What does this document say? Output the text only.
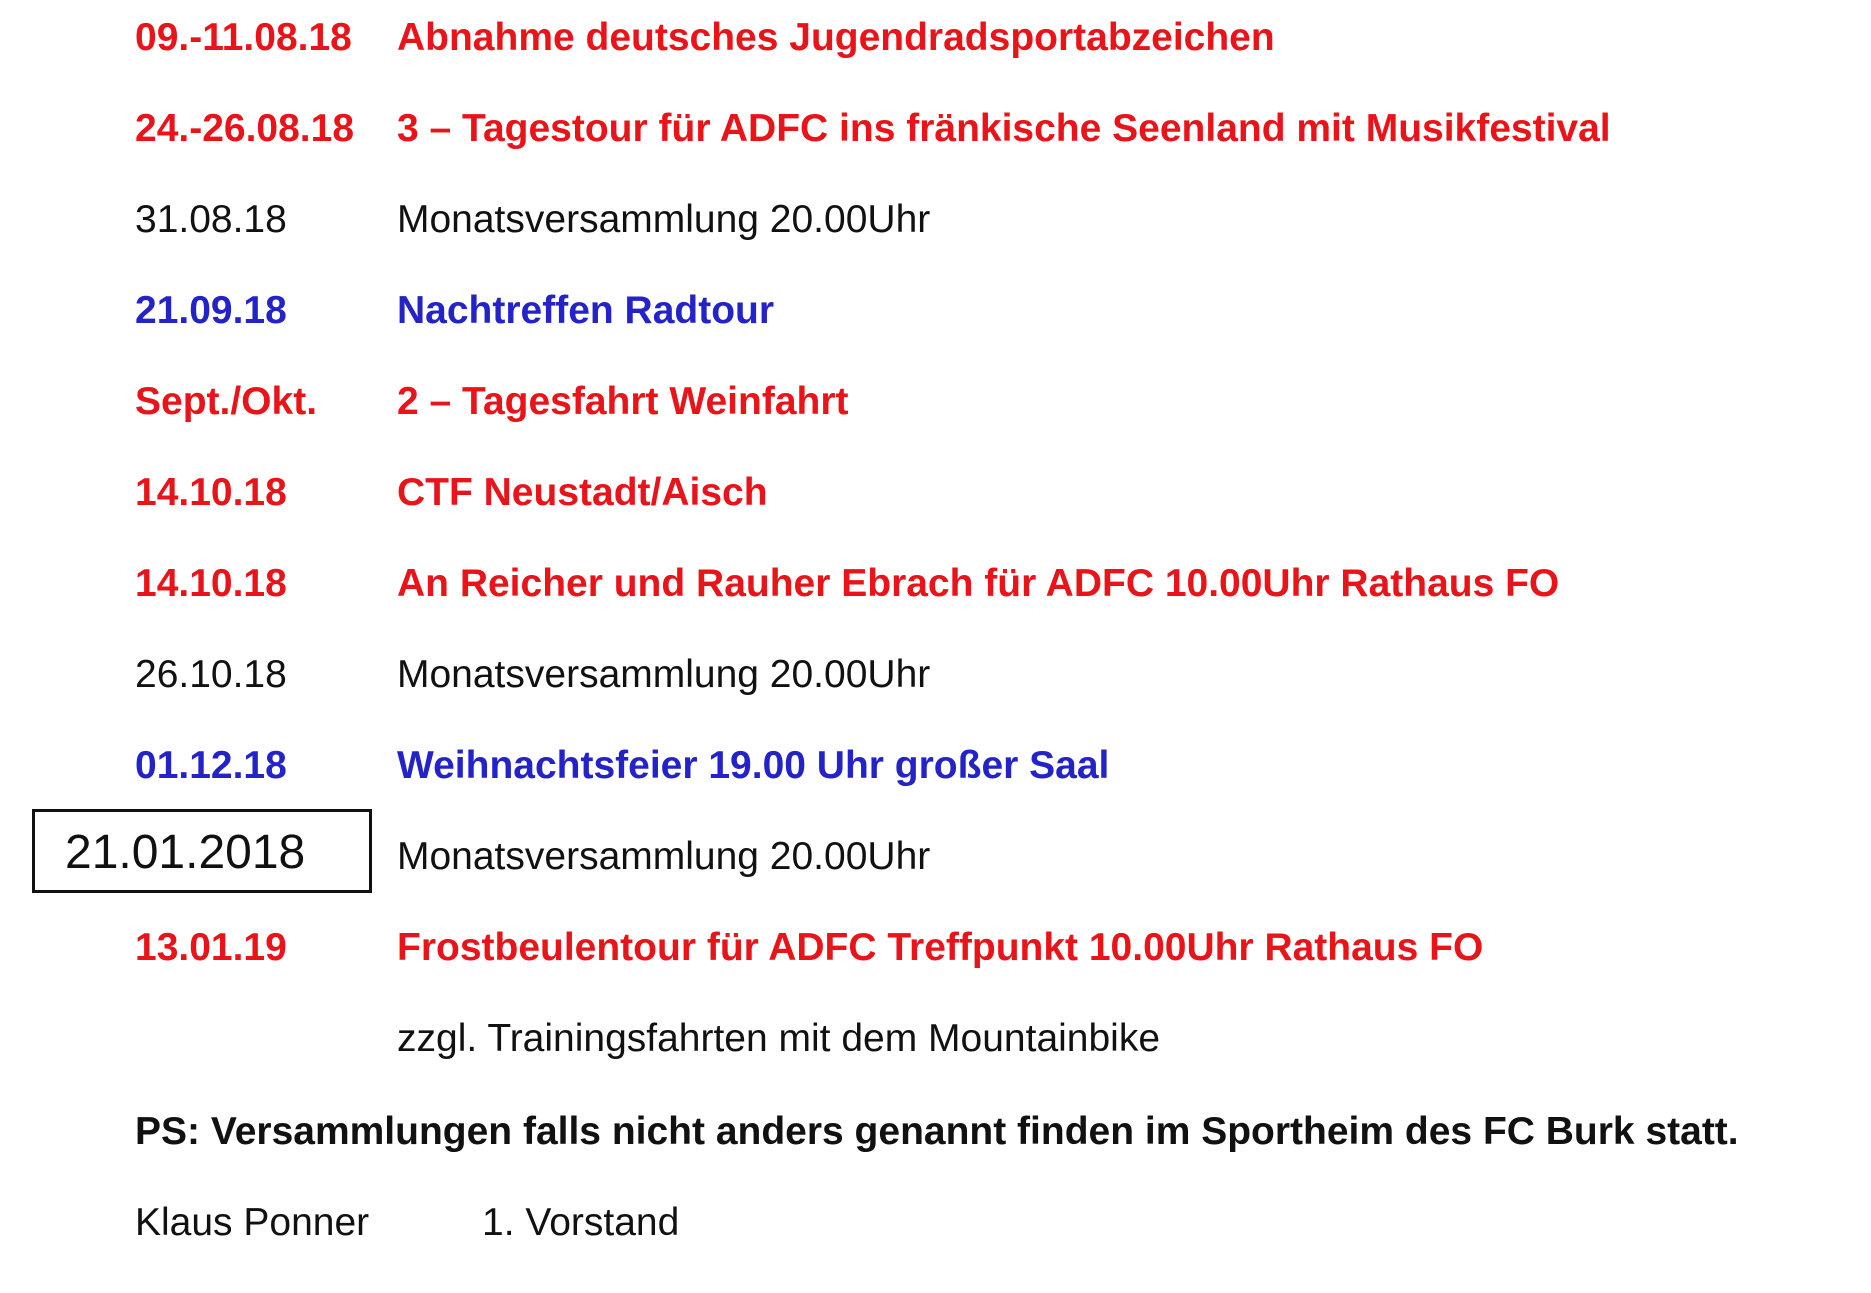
09.-11.08.18 Abnahme deutsches Jugendradsportabzeichen
24.-26.08.18 3 – Tagestour für ADFC ins fränkische Seenland mit Musikfestival
31.08.18	Monatsversammlung 20.00Uhr
21.09.18	Nachtreffen Radtour
Sept./Okt. 2 – Tagesfahrt Weinfahrt
14.10.18	CTF Neustadt/Aisch
14.10.18	An Reicher und Rauher Ebrach für ADFC 10.00Uhr Rathaus FO
26.10.18	Monatsversammlung 20.00Uhr
01.12.18	Weihnachtsfeier 19.00 Uhr großer Saal
21.01.2018 Monatsversammlung 20.00Uhr
13.01.19	Frostbeulentour für ADFC Treffpunkt 10.00Uhr Rathaus FO
zzgl. Trainingsfahrten mit dem Mountainbike
PS: Versammlungen falls nicht anders genannt finden im Sportheim des FC Burk statt.
Klaus Ponner	1. Vorstand
